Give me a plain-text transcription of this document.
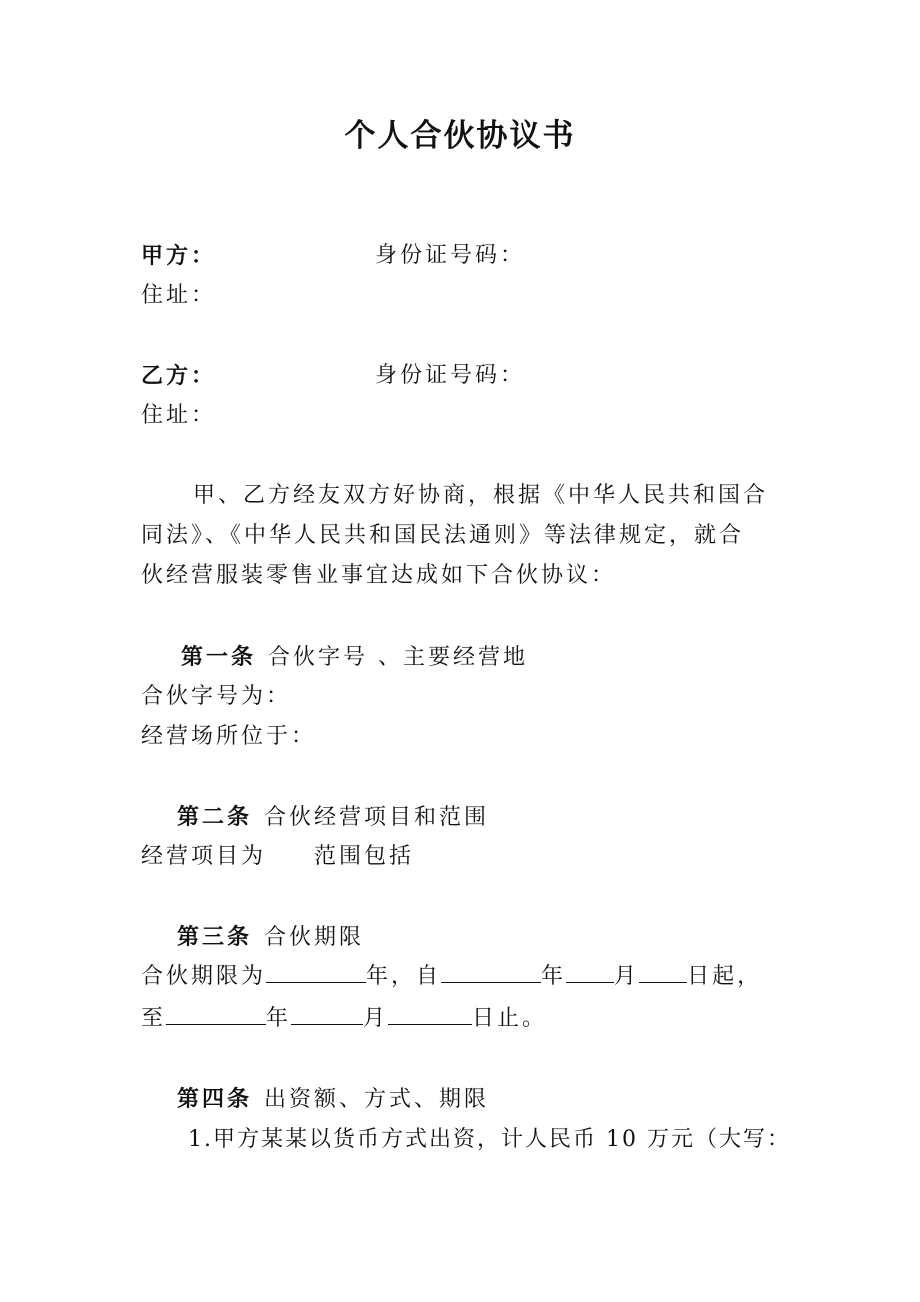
个人合伙协议书
甲方：	身份证号码：
住址：
乙方：	身份证号码：
住址：
甲、乙方经友双方好协商，根据《中华人民共和国合
同法》、《中华人民共和国民法通则》等法律规定，就合
伙经营服装零售业事宜达成如下合伙协议：
第一条 合伙字号 、主要经营地
合伙字号为：
经营场所位于：
第二条 合伙经营项目和范围
经营项目为 范围包括
第三条 合伙期限
合伙期限为	年，自	年 月 日起，
至	年	月	日止。
第四条 出资额、方式、期限
1.甲方某某以货币方式出资，计人民币 10 万元（大写：
